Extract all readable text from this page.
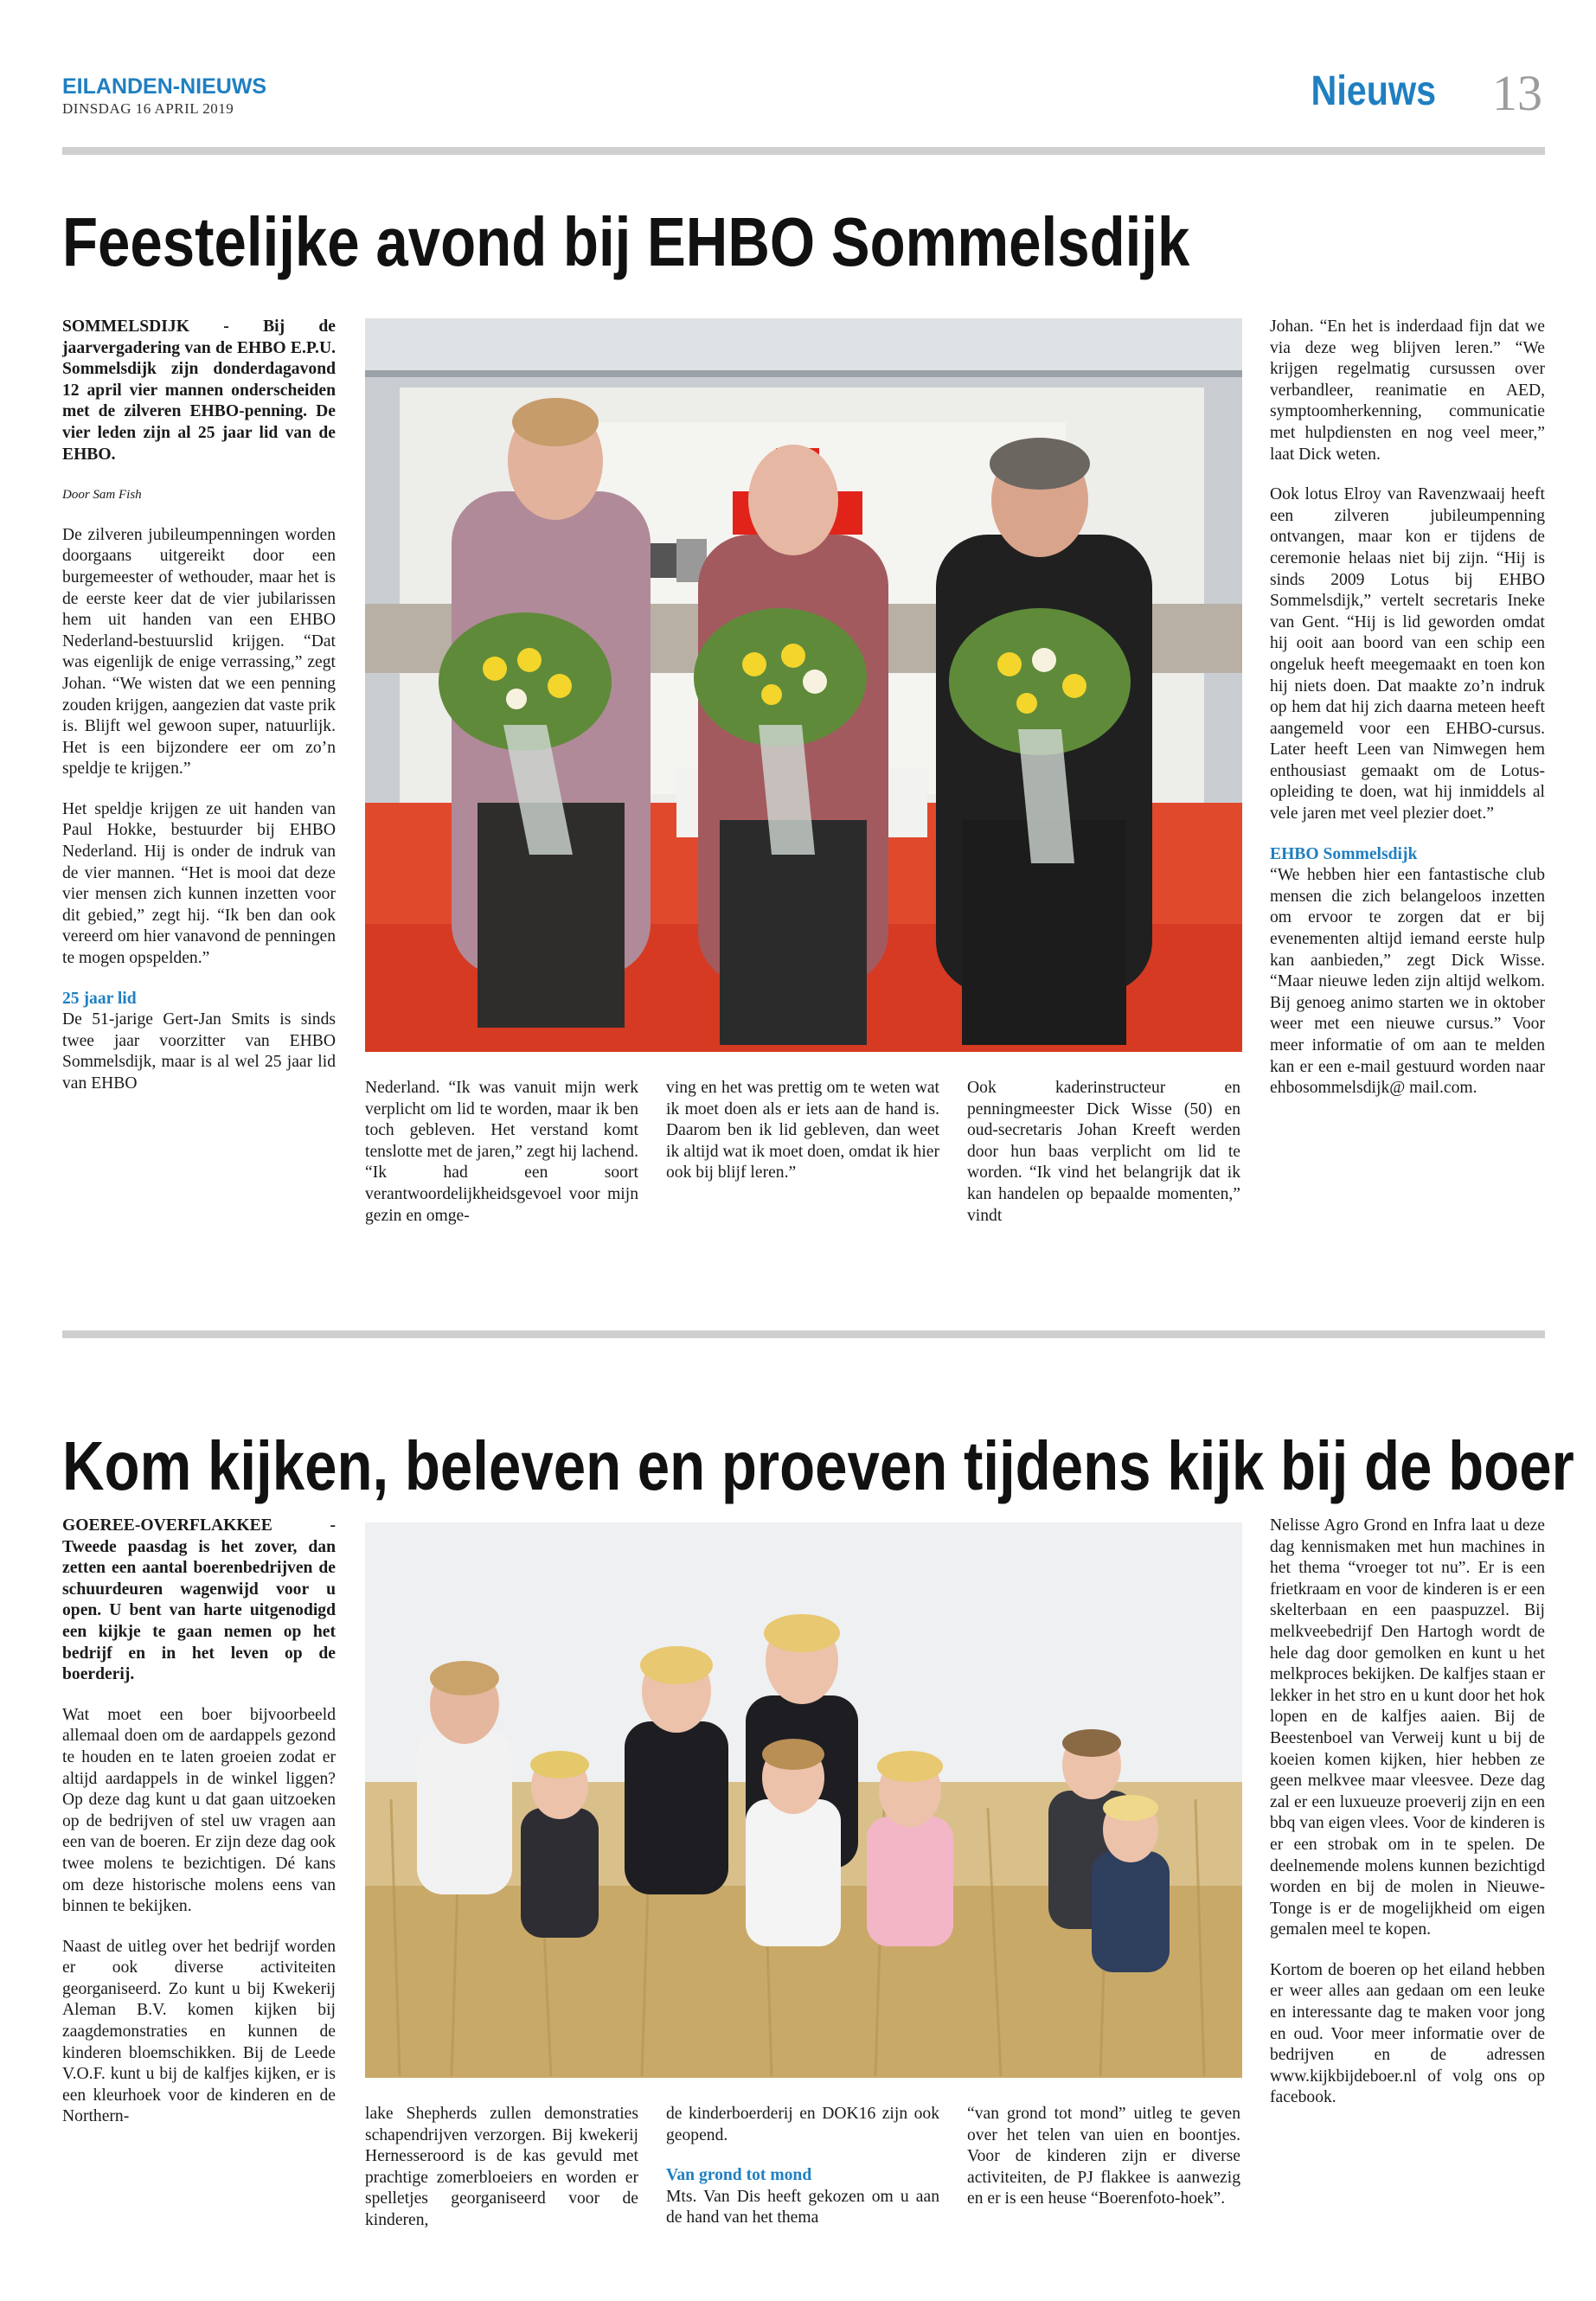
EILANDEN-NIEUWS
DINSDAG 16 APRIL 2019	Nieuws 13
Feestelijke avond bij EHBO Sommelsdijk

SOMMELSDIJK - Bij de jaarvergadering van de EHBO E.P.U. Sommelsdijk zijn donderdagavond 12 april vier mannen onderscheiden met de zilveren EHBO-penning. De vier leden zijn al 25 jaar lid van de EHBO.

Door Sam Fish

De zilveren jubileumpenningen worden doorgaans uitgereikt door een burgemeester of wethouder, maar het is de eerste keer dat de vier jubilarissen hem uit handen van een EHBO Nederland-bestuurslid krijgen. “Dat was eigenlijk de enige verrassing,” zegt Johan. “We wisten dat we een penning zouden krijgen, aangezien dat vaste prik is. Blijft wel gewoon super, natuurlijk. Het is een bijzondere eer om zo’n speldje te krijgen.”

Het speldje krijgen ze uit handen van Paul Hokke, bestuurder bij EHBO Nederland. Hij is onder de indruk van de vier mannen. “Het is mooi dat deze vier mensen zich kunnen inzetten voor dit gebied,” zegt hij. “Ik ben dan ook vereerd om hier vanavond de penningen te mogen opspelden.”

25 jaar lid
De 51-jarige Gert-Jan Smits is sinds twee jaar voorzitter van EHBO Sommelsdijk, maar is al wel 25 jaar lid van EHBO	Nederland. “Ik was vanuit mijn werk verplicht om lid te worden, maar ik ben toch gebleven. Het verstand komt tenslotte met de jaren,” zegt hij lachend. “Ik had een soort verantwoordelijkheidsgevoel voor mijn gezin en omge-

ving en het was prettig om te weten wat ik moet doen als er iets aan de hand is. Daarom ben ik lid gebleven, dan weet ik altijd wat ik moet doen, omdat ik hier ook bij blijf leren.”

Ook kaderinstructeur en penningmeester Dick Wisse (50) en oud-secretaris Johan Kreeft werden door hun baas verplicht om lid te worden. “Ik vind het belangrijk dat ik kan handelen op bepaalde momenten,” vindt

Johan. “En het is inderdaad fijn dat we via deze weg blijven leren.” “We krijgen regelmatig cursussen over verbandleer, reanimatie en AED, symptoomherkenning, communicatie met hulpdiensten en nog veel meer,” laat Dick weten.

Ook lotus Elroy van Ravenzwaaij heeft een zilveren jubileumpenning ontvangen, maar kon er tijdens de ceremonie helaas niet bij zijn. “Hij is sinds 2009 Lotus bij EHBO Sommelsdijk,” vertelt secretaris Ineke van Gent. “Hij is lid geworden omdat hij ooit aan boord van een schip een ongeluk heeft meegemaakt en toen kon hij niets doen. Dat maakte zo’n indruk op hem dat hij zich daarna meteen heeft aangemeld voor een EHBO-cursus. Later heeft Leen van Nimwegen hem enthousiast gemaakt om de Lotus-opleiding te doen, wat hij inmiddels al vele jaren met veel plezier doet.”

EHBO Sommelsdijk
“We hebben hier een fantastische club mensen die zich belangeloos inzetten om ervoor te zorgen dat er bij evenementen altijd iemand eerste hulp kan aanbieden,” zegt Dick Wisse. “Maar nieuwe leden zijn altijd welkom. Bij genoeg animo starten we in oktober weer met een nieuwe cursus.” Voor meer informatie of om aan te melden kan er een e-mail gestuurd worden naar ehbosommelsdijk@ mail.com.

Kom kijken, beleven en proeven tijdens kijk bij de boer

GOEREE-OVERFLAKKEE - Tweede paasdag is het zover, dan zetten een aantal boerenbedrijven de schuurdeuren wagenwijd voor u open. U bent van harte uitgenodigd een kijkje te gaan nemen op het bedrijf en in het leven op de boerderij.

Wat moet een boer bijvoorbeeld allemaal doen om de aardappels gezond te houden en te laten groeien zodat er altijd aardappels in de winkel liggen? Op deze dag kunt u dat gaan uitzoeken op de bedrijven of stel uw vragen aan een van de boeren. Er zijn deze dag ook twee molens te bezichtigen. Dé kans om deze historische molens eens van binnen te bekijken.

Naast de uitleg over het bedrijf worden er ook diverse activiteiten georganiseerd. Zo kunt u bij Kwekerij Aleman B.V. komen kijken bij zaagdemonstraties en kunnen de kinderen bloemschikken. Bij de Leede V.O.F. kunt u bij de kalfjes kijken, er is een kleurhoek voor de kinderen en de Northern-	lake Shepherds zullen demonstraties schapendrijven verzorgen. Bij kwekerij Hernesseroord is de kas gevuld met prachtige zomerbloeiers en worden er spelletjes georganiseerd voor de kinderen,

de kinderboerderij en DOK16 zijn ook geopend.

Van grond tot mond
Mts. Van Dis heeft gekozen om u aan de hand van het thema

“van grond tot mond” uitleg te geven over het telen van uien en boontjes. Voor de kinderen zijn er diverse activiteiten, de PJ flakkee is aanwezig en er is een heuse “Boerenfoto-hoek”.

Nelisse Agro Grond en Infra laat u deze dag kennismaken met hun machines in het thema “vroeger tot nu”. Er is een frietkraam en voor de kinderen is er een skelterbaan en een paaspuzzel. Bij melkveebedrijf Den Hartogh wordt de hele dag door gemolken en kunt u het melkproces bekijken. De kalfjes staan er lekker in het stro en u kunt door het hok lopen en de kalfjes aaien. Bij de Beestenboel van Verweij kunt u bij de koeien komen kijken, hier hebben ze geen melkvee maar vleesvee. Deze dag zal er een luxueuze proeverij zijn en een bbq van eigen vlees. Voor de kinderen is er een strobak om in te spelen. De deelnemende molens kunnen bezichtigd worden en bij de molen in Nieuwe-Tonge is er de mogelijkheid om eigen gemalen meel te kopen.

Kortom de boeren op het eiland hebben er weer alles aan gedaan om een leuke en interessante dag te maken voor jong en oud. Voor meer informatie over de bedrijven en de adressen www.kijkbijdeboer.nl of volg ons op facebook.
